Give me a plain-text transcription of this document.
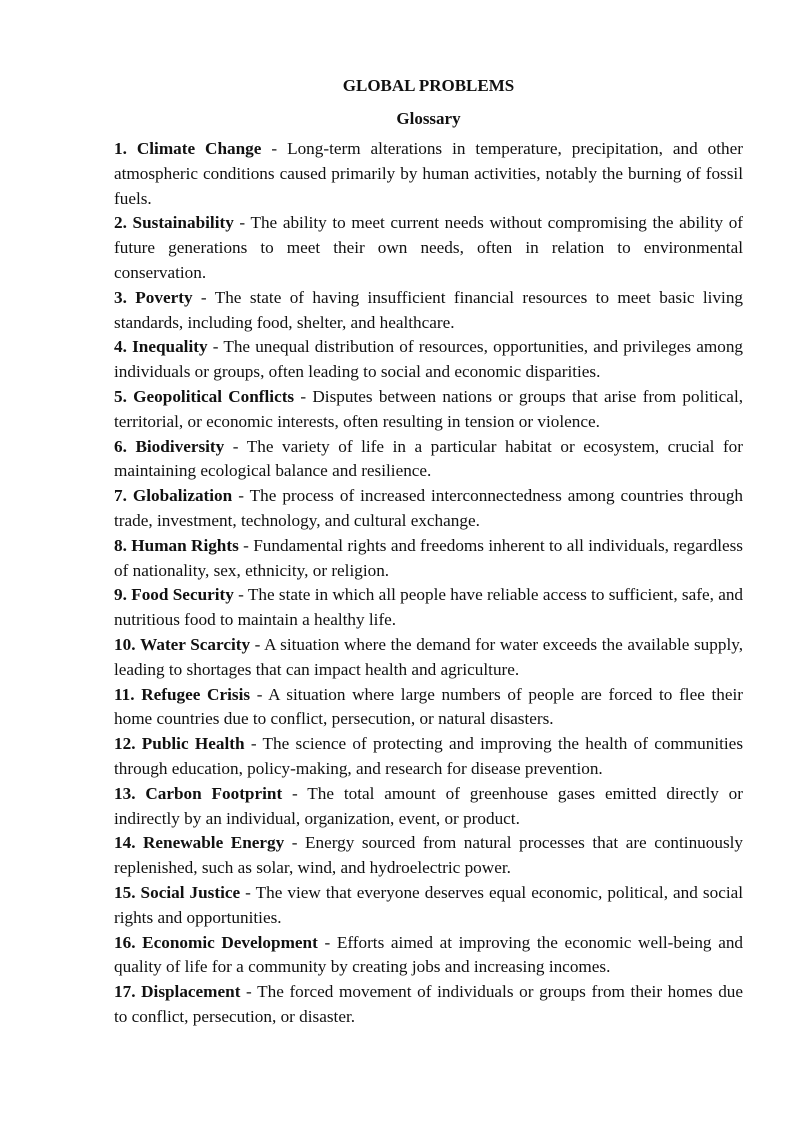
GLOBAL PROBLEMS
Glossary

1. Climate Change - Long-term alterations in temperature, precipitation, and other atmospheric conditions caused primarily by human activities, notably the burning of fossil fuels.

2. Sustainability - The ability to meet current needs without compromising the ability of future generations to meet their own needs, often in relation to environmental conservation.

3. Poverty - The state of having insufficient financial resources to meet basic living standards, including food, shelter, and healthcare.

4. Inequality - The unequal distribution of resources, opportunities, and privileges among individuals or groups, often leading to social and economic disparities.

5. Geopolitical Conflicts - Disputes between nations or groups that arise from political, territorial, or economic interests, often resulting in tension or violence.

6. Biodiversity - The variety of life in a particular habitat or ecosystem, crucial for maintaining ecological balance and resilience.

7. Globalization - The process of increased interconnectedness among countries through trade, investment, technology, and cultural exchange.

8. Human Rights - Fundamental rights and freedoms inherent to all individuals, regardless of nationality, sex, ethnicity, or religion.

9. Food Security - The state in which all people have reliable access to sufficient, safe, and nutritious food to maintain a healthy life.

10. Water Scarcity - A situation where the demand for water exceeds the available supply, leading to shortages that can impact health and agriculture.

11. Refugee Crisis - A situation where large numbers of people are forced to flee their home countries due to conflict, persecution, or natural disasters.

12. Public Health - The science of protecting and improving the health of communities through education, policy-making, and research for disease prevention.

13. Carbon Footprint - The total amount of greenhouse gases emitted directly or indirectly by an individual, organization, event, or product.

14. Renewable Energy - Energy sourced from natural processes that are continuously replenished, such as solar, wind, and hydroelectric power.

15. Social Justice - The view that everyone deserves equal economic, political, and social rights and opportunities.

16. Economic Development - Efforts aimed at improving the economic well-being and quality of life for a community by creating jobs and increasing incomes.

17. Displacement - The forced movement of individuals or groups from their homes due to conflict, persecution, or disaster.
